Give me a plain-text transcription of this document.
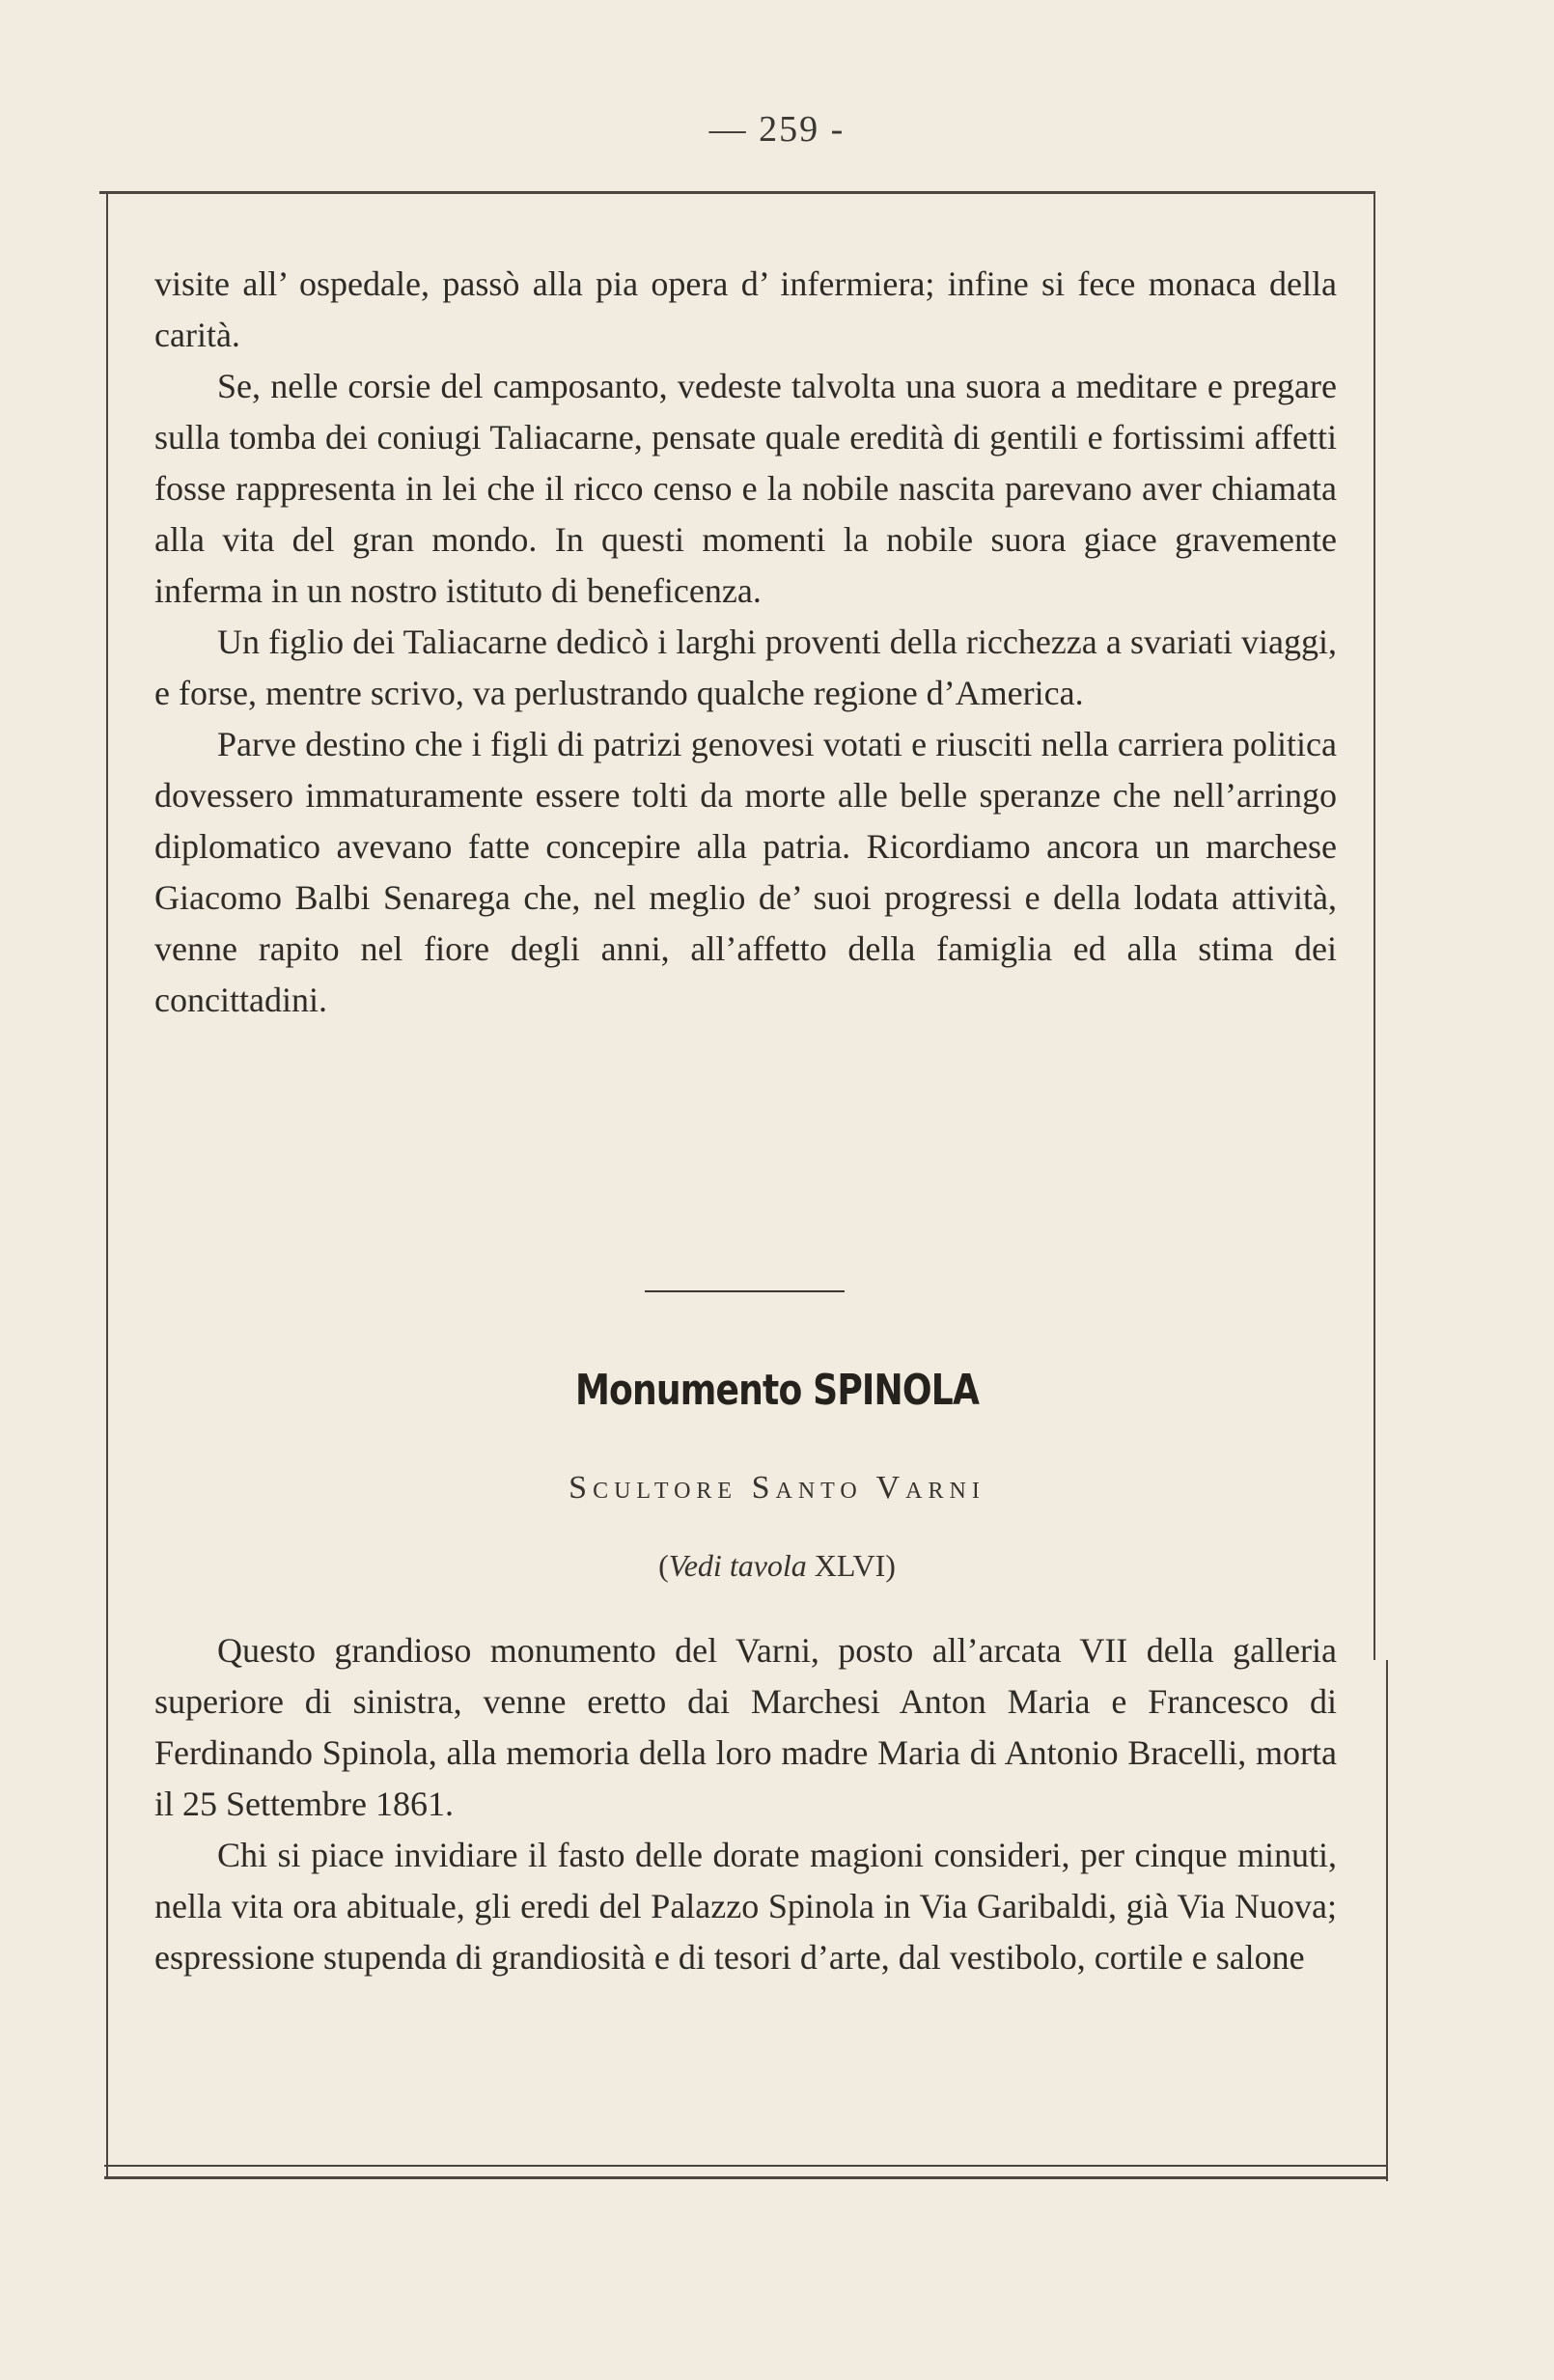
— 259 -

visite all’ ospedale, passò alla pia opera d’ infermiera; infine si fece monaca della carità.

Se, nelle corsie del camposanto, vedeste talvolta una suora a meditare e pregare sulla tomba dei coniugi Taliacarne, pensate quale eredità di gentili e fortissimi affetti fosse rappresenta in lei che il ricco censo e la nobile nascita parevano aver chiamata alla vita del gran mondo. In questi momenti la nobile suora giace gravemente inferma in un nostro istituto di beneficenza.

Un figlio dei Taliacarne dedicò i larghi proventi della ricchezza a svariati viaggi, e forse, mentre scrivo, va perlustrando qualche regione d’America.

Parve destino che i figli di patrizi genovesi votati e riusciti nella carriera politica dovessero immaturamente essere tolti da morte alle belle speranze che nell’arringo diplomatico avevano fatte concepire alla patria. Ricordiamo ancora un marchese Giacomo Balbi Senarega che, nel meglio de’ suoi progressi e della lodata attività, venne rapito nel fiore degli anni, all’affetto della famiglia ed alla stima dei concittadini.

Monumento SPINOLA
Scultore Santo Varni
(Vedi tavola XLVI)

Questo grandioso monumento del Varni, posto all’arcata VII della galleria superiore di sinistra, venne eretto dai Marchesi Anton Maria e Francesco di Ferdinando Spinola, alla memoria della loro madre Maria di Antonio Bracelli, morta il 25 Settembre 1861.

Chi si piace invidiare il fasto delle dorate magioni consideri, per cinque minuti, nella vita ora abituale, gli eredi del Palazzo Spinola in Via Garibaldi, già Via Nuova; espressione stupenda di grandiosità e di tesori d’arte, dal vestibolo, cortile e salone
